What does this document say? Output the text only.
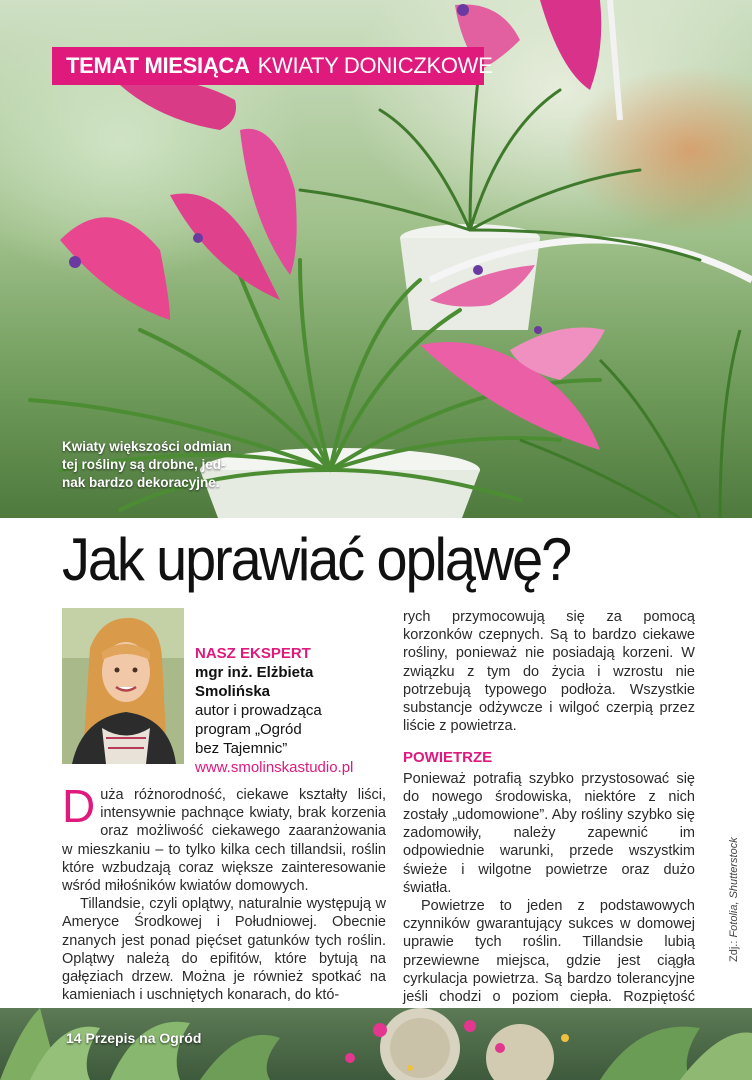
TEMAT MIESIĄCA KWIATY DONICZKOWE
Kwiaty większości odmian
tej rośliny są drobne, jed-
nak bardzo dekoracyjne.
Jak uprawiać opląwę?
NASZ EKSPERT
mgr inż. Elżbieta
Smolińska
autor i prowadząca
program „Ogród
bez Tajemnic”
www.smolinskastudio.pl

Duża różnorodność, ciekawe kształty liści, intensywnie pachnące kwiaty, brak korzenia oraz możliwość ciekawego zaaranżowania w mieszkaniu – to tylko kilka cech tillandsii, roślin które wzbudzają coraz większe zainteresowanie wśród miłośników kwiatów domowych.

Tillandsie, czyli oplątwy, naturalnie występują w Ameryce Środkowej i Południowej. Obecnie znanych jest ponad pięćset gatunków tych roślin. Oplątwy należą do epifitów, które bytują na gałęziach drzew. Można je również spotkać na kamieniach i uschniętych konarach, do któ-

rych przymocowują się za pomocą korzonków czepnych. Są to bardzo ciekawe rośliny, ponieważ nie posiadają korzeni. W związku z tym do życia i wzrostu nie potrzebują typowego podłoża. Wszystkie substancje odżywcze i wilgoć czerpią przez liście z powietrza.

POWIETRZE

Ponieważ potrafią szybko przystosować się do nowego środowiska, niektóre z nich zostały „udomowione”. Aby rośliny szybko się zadomowiły, należy zapewnić im odpowiednie warunki, przede wszystkim świeże i wilgotne powietrze oraz dużo światła.

Powietrze to jeden z podstawowych czynników gwarantujący sukces w domowej uprawie tych roślin. Tillandsie lubią przewiewne miejsca, gdzie jest ciągła cyrkulacja powietrza. Są bardzo tolerancyjne jeśli chodzi o poziom ciepła. Rozpiętość

Zdj.: Fotolia, Shutterstock
14 Przepis na Ogród
